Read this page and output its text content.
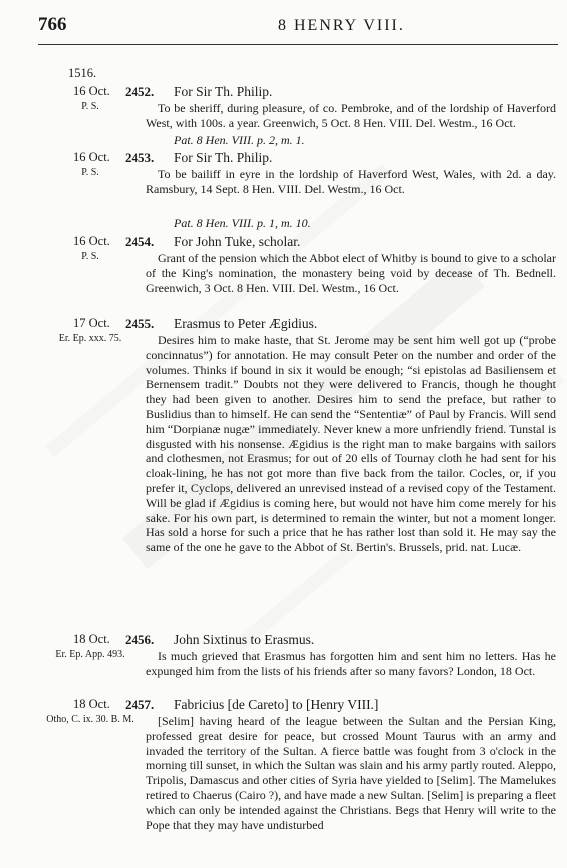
766	8 HENRY VIII.
1516.
16 Oct.
P. S.
2452. For Sir Th. Philip.

To be sheriff, during pleasure, of co. Pembroke, and of the lordship of Haverford West, with 100s. a year. Greenwich, 5 Oct. 8 Hen. VIII. Del. Westm., 16 Oct.

Pat. 8 Hen. VIII. p. 2, m. 1.
16 Oct.
P. S.
2453. For Sir Th. Philip.

To be bailiff in eyre in the lordship of Haverford West, Wales, with 2d. a day. Ramsbury, 14 Sept. 8 Hen. VIII. Del. Westm., 16 Oct.

Pat. 8 Hen. VIII. p. 1, m. 10.
16 Oct.
P. S.
2454. For John Tuke, scholar.

Grant of the pension which the Abbot elect of Whitby is bound to give to a scholar of the King's nomination, the monastery being void by decease of Th. Bednell. Greenwich, 3 Oct. 8 Hen. VIII. Del. Westm., 16 Oct.

17 Oct.
Er. Ep. xxx. 75.
2455. Erasmus to Peter Ægidius.

Desires him to make haste, that St. Jerome may be sent him well got up (“probe concinnatus”) for annotation. He may consult Peter on the number and order of the volumes. Thinks if bound in six it would be enough; “si epistolas ad Basiliensem et Bernensem tradit.” Doubts not they were delivered to Francis, though he thought they had been given to another. Desires him to send the preface, but rather to Buslidius than to himself. He can send the “Sententiæ” of Paul by Francis. Will send him “Dorpianæ nugæ” immediately. Never knew a more unfriendly friend. Tunstal is disgusted with his nonsense. Ægidius is the right man to make bargains with sailors and clothesmen, not Erasmus; for out of 20 ells of Tournay cloth he had sent for his cloak-lining, he has not got more than five back from the tailor. Cocles, or, if you prefer it, Cyclops, delivered an unrevised instead of a revised copy of the Testament. Will be glad if Ægidius is coming here, but would not have him come merely for his sake. For his own part, is determined to remain the winter, but not a moment longer. Has sold a horse for such a price that he has rather lost than sold it. He may say the same of the one he gave to the Abbot of St. Bertin's. Brussels, prid. nat. Lucæ.

18 Oct.
Er. Ep. App. 493.
2456. John Sixtinus to Erasmus.

Is much grieved that Erasmus has forgotten him and sent him no letters. Has he expunged him from the lists of his friends after so many favors? London, 18 Oct.

18 Oct.
Otho, C. ix. 30. B. M.
2457. Fabricius [de Careto] to [Henry VIII.]

[Selim] having heard of the league between the Sultan and the Persian King, professed great desire for peace, but crossed Mount Taurus with an army and invaded the territory of the Sultan. A fierce battle was fought from 3 o'clock in the morning till sunset, in which the Sultan was slain and his army partly routed. Aleppo, Tripolis, Damascus and other cities of Syria have yielded to [Selim]. The Mamelukes retired to Chaerus (Cairo ?), and have made a new Sultan. [Selim] is preparing a fleet which can only be intended against the Christians. Begs that Henry will write to the Pope that they may have undisturbed
